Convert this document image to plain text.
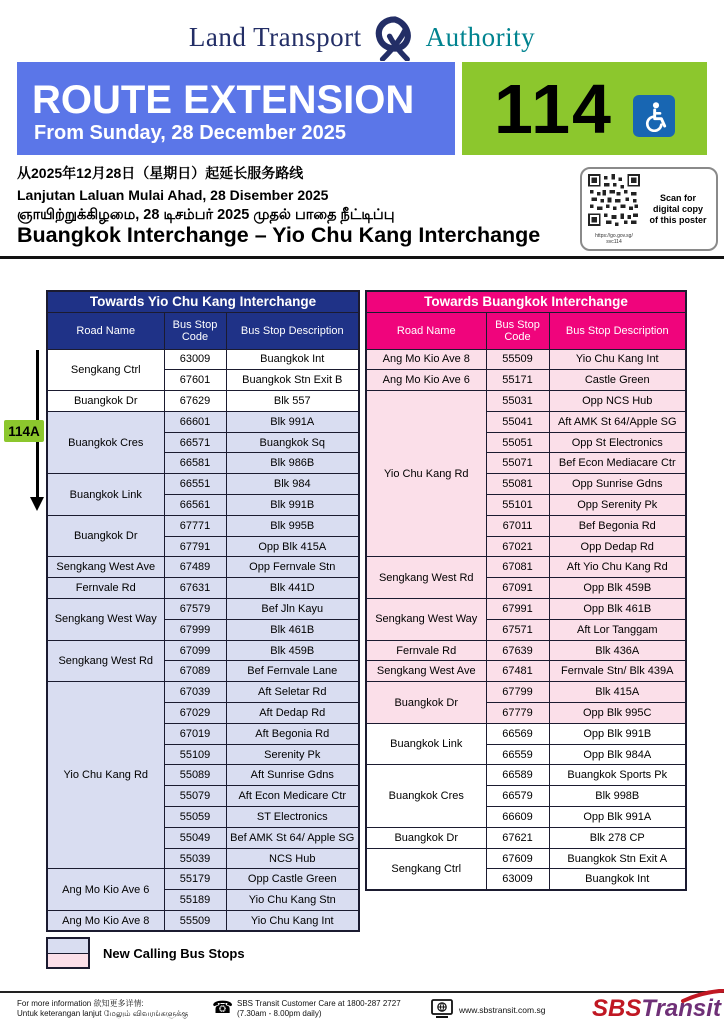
Land Transport Authority
ROUTE EXTENSION
From Sunday, 28 December 2025 114
从2025年12月28日（星期日）起延长服务路线
Lanjutan Laluan Mulai Ahad, 28 Disember 2025
ஞாயிற்றுக்கிழமை, 28 டிசம்பர் 2025 முதல் பாதை நீட்டிப்பு
https://go.gov.sg/
svc114
Scan for
digital copy
of this poster
Buangkok Interchange – Yio Chu Kang Interchange
114A
Towards Yio Chu Kang Interchange		
Road Name	Bus Stop Code	Bus Stop Description
Sengkang Ctrl	63009	Buangkok Int
	67601	Buangkok Stn Exit B
Buangkok Dr	67629	Blk 557
Buangkok Cres	66601	Blk 991A
	66571	Buangkok Sq
	66581	Blk 986B
Buangkok Link	66551	Blk 984
	66561	Blk 991B
Buangkok Dr	67771	Blk 995B
	67791	Opp Blk 415A
Sengkang West Ave	67489	Opp Fernvale Stn
Fernvale Rd	67631	Blk 441D
Sengkang West Way	67579	Bef Jln Kayu
	67999	Blk 461B
Sengkang West Rd	67099	Blk 459B
	67089	Bef Fernvale Lane
Yio Chu Kang Rd	67039	Aft Seletar Rd
	67029	Aft Dedap Rd
	67019	Aft Begonia Rd
	55109	Serenity Pk
	55089	Aft Sunrise Gdns
	55079	Aft Econ Medicare Ctr
	55059	ST Electronics
	55049	Bef AMK St 64/ Apple SG
	55039	NCS Hub
Ang Mo Kio Ave 6	55179	Opp Castle Green
	55189	Yio Chu Kang Stn
Ang Mo Kio Ave 8	55509	Yio Chu Kang Int
Towards Buangkok Interchange		
Road Name	Bus Stop Code	Bus Stop Description
Ang Mo Kio Ave 8	55509	Yio Chu Kang Int
Ang Mo Kio Ave 6	55171	Castle Green
Yio Chu Kang Rd	55031	Opp NCS Hub
	55041	Aft AMK St 64/Apple SG
	55051	Opp St Electronics
	55071	Bef Econ Mediacare Ctr
	55081	Opp Sunrise Gdns
	55101	Opp Serenity Pk
	67011	Bef Begonia Rd
	67021	Opp Dedap Rd
Sengkang West Rd	67081	Aft Yio Chu Kang Rd
	67091	Opp Blk 459B
Sengkang West Way	67991	Opp Blk 461B
	67571	Aft Lor Tanggam
Fernvale Rd	67639	Blk 436A
Sengkang West Ave	67481	Fernvale Stn/ Blk 439A
Buangkok Dr	67799	Blk 415A
	67779	Opp Blk 995C
Buangkok Link	66569	Opp Blk 991B
	66559	Opp Blk 984A
Buangkok Cres	66589	Buangkok Sports Pk
	66579	Blk 998B
	66609	Opp Blk 991A
Buangkok Dr	67621	Blk 278 CP
Sengkang Ctrl	67609	Buangkok Stn Exit A
	63009	Buangkok Int
New Calling Bus Stops
For more information 欲知更多详情:
Untuk keterangan lanjut மேலும் விவரங்களுக்கு ☎ SBS Transit Customer Care at 1800-287 2727
(7.30am - 8.00pm daily)	www.sbstransit.com.sg SBS
Transit
